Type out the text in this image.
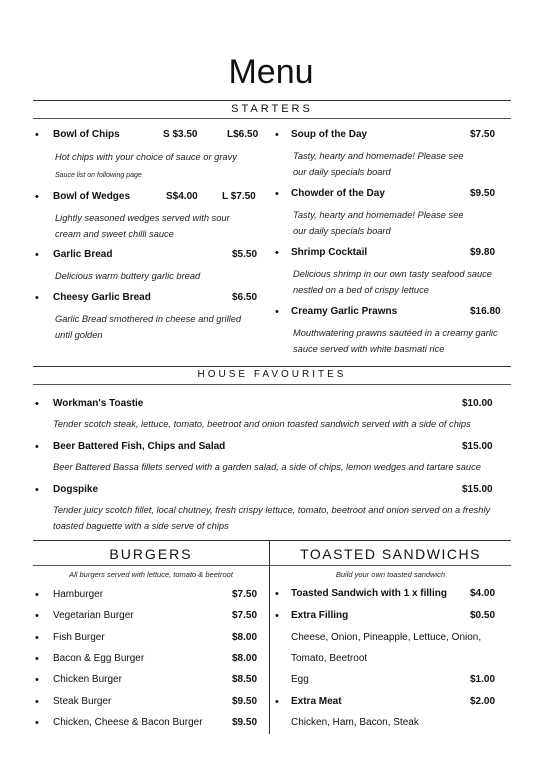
Menu
STARTERS
• Bowl of Chips	S $3.50	L$6.50
Hot chips with your choice of sauce or gravy
Sauce list on following page
• Bowl of Wedges	S$4.00 L $7.50
Lightly seasoned wedges served with sour cream and sweet chilli sauce
• Garlic Bread	$5.50
Delicious warm buttery garlic bread
• Cheesy Garlic Bread	$6.50
Garlic Bread smothered in cheese and grilled until golden
• Soup of the Day	$7.50
Tasty, hearty and homemade! Please see our daily specials board
• Chowder of the Day	$9.50
Tasty, hearty and homemade! Please see our daily specials board
• Shrimp Cocktail	$9.80
Delicious shrimp in our own tasty seafood sauce nestled on a bed of crispy lettuce
• Creamy Garlic Prawns	$16.80
Mouthwatering prawns sautéed in a creamy garlic sauce served with white basmati rice
HOUSE FAVOURITES
• Workman's Toastie	$10.00
Tender scotch steak, lettuce, tomato, beetroot and onion toasted sandwich served with a side of chips
• Beer Battered Fish, Chips and Salad	$15.00
Beer Battered Bassa fillets served with a garden salad, a side of chips, lemon wedges and tartare sauce
• Dogspike	$15.00
Tender juicy scotch fillet, local chutney, fresh crispy lettuce, tomato, beetroot and onion served on a freshly toasted baguette with a side serve of chips
BURGERS
All burgers served with lettuce, tomato & beetroot
• Hamburger	$7.50
• Vegetarian Burger	$7.50
• Fish Burger	$8.00
• Bacon & Egg Burger	$8.00
• Chicken Burger	$8.50
• Steak Burger	$9.50
• Chicken, Cheese & Bacon Burger	$9.50
TOASTED SANDWICHS
Build your own toasted sandwich
• Toasted Sandwich with 1 x filling $4.00
• Extra Filling	$0.50
Cheese, Onion, Pineapple, Lettuce, Onion,
Tomato, Beetroot
Egg	$1.00
• Extra Meat	$2.00
Chicken, Ham, Bacon, Steak
